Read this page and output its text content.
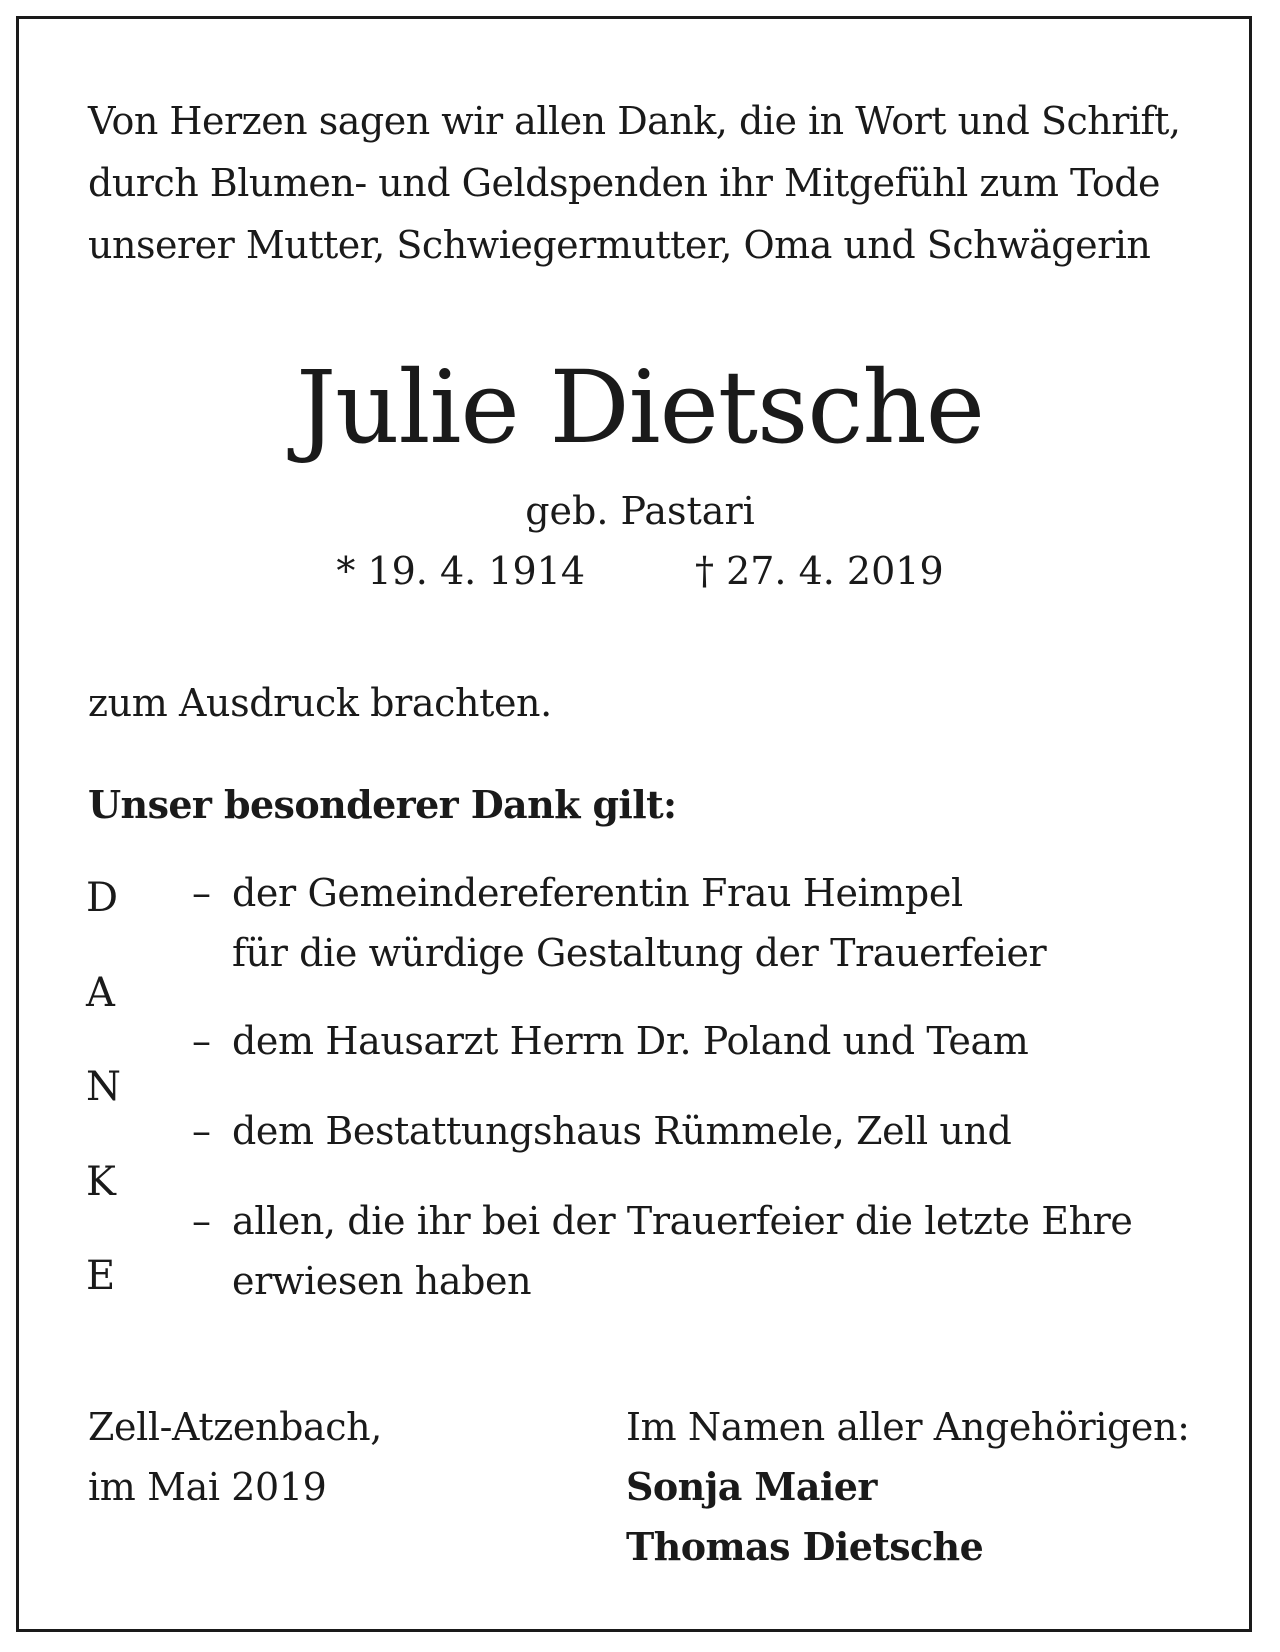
Von Herzen sagen wir allen Dank, die in Wort und Schrift,
durch Blumen- und Geldspenden ihr Mitgefühl zum Tode
unserer Mutter, Schwiegermutter, Oma und Schwägerin
Julie Dietsche
geb. Pastari
* 19. 4. 1914	† 27. 4. 2019
zum Ausdruck brachten.
Unser besonderer Dank gilt:
D
A
N
K
E
– der Gemeindereferentin Frau Heimpel
für die würdige Gestaltung der Trauerfeier
– dem Hausarzt Herrn Dr. Poland und Team
– dem Bestattungshaus Rümmele, Zell und
– allen, die ihr bei der Trauerfeier die letzte Ehre
erwiesen haben
Zell-Atzenbach,
im Mai 2019
Im Namen aller Angehörigen:
Sonja Maier
Thomas Dietsche
